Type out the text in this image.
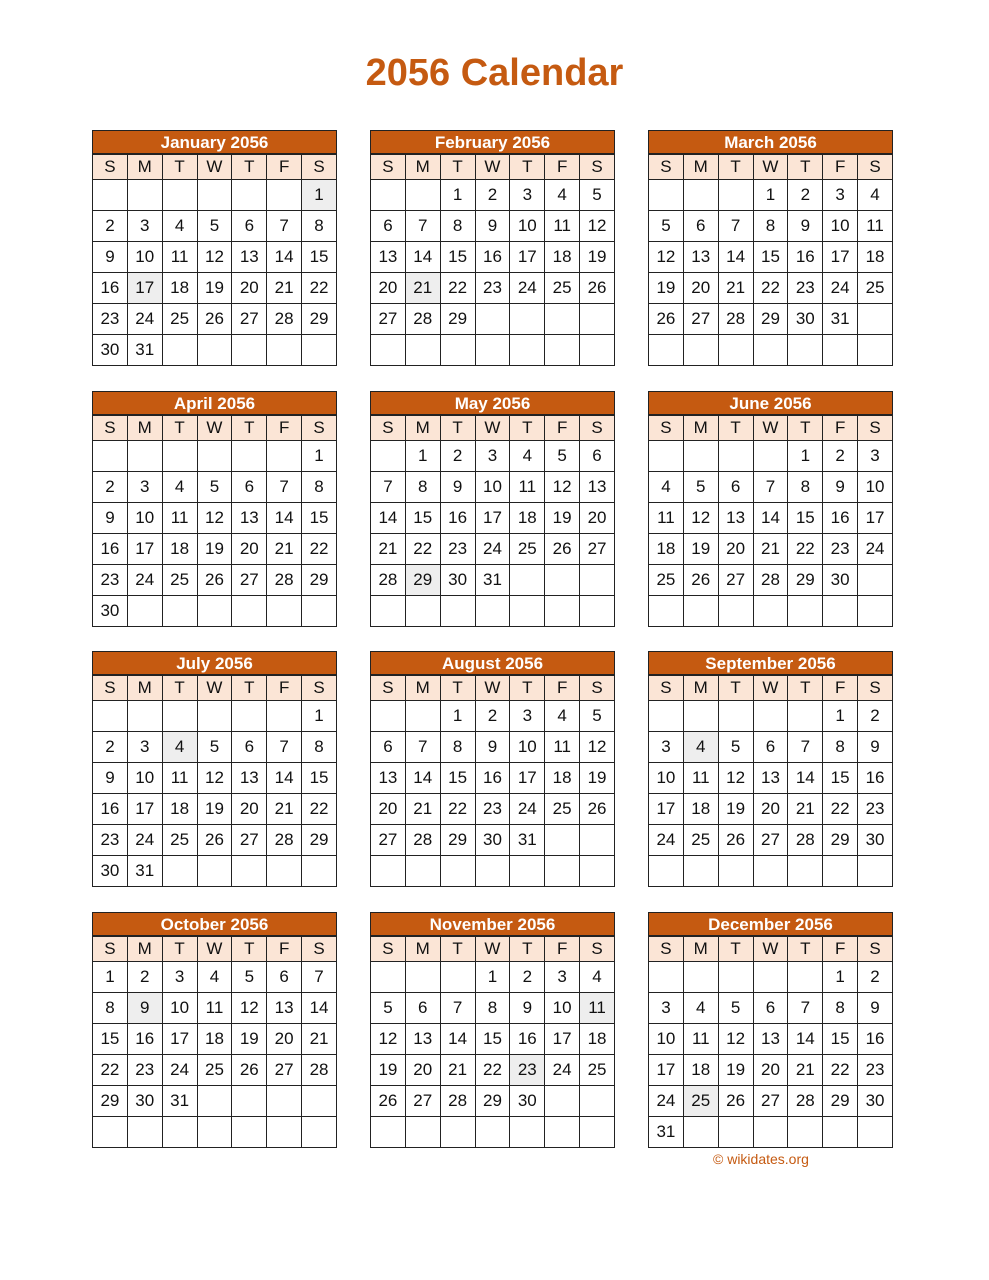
2056 Calendar
January 2056
S	M	T	W	T	F	S
						1
2	3	4	5	6	7	8
9	10	11	12	13	14	15
16	17	18	19	20	21	22
23	24	25	26	27	28	29
30	31					
February 2056
S	M	T	W	T	F	S
		1	2	3	4	5
6	7	8	9	10	11	12
13	14	15	16	17	18	19
20	21	22	23	24	25	26
27	28	29				

March 2056
S	M	T	W	T	F	S
			1	2	3	4
5	6	7	8	9	10	11
12	13	14	15	16	17	18
19	20	21	22	23	24	25
26	27	28	29	30	31	

April 2056
S	M	T	W	T	F	S
						1
2	3	4	5	6	7	8
9	10	11	12	13	14	15
16	17	18	19	20	21	22
23	24	25	26	27	28	29
30						
May 2056
S	M	T	W	T	F	S
	1	2	3	4	5	6
7	8	9	10	11	12	13
14	15	16	17	18	19	20
21	22	23	24	25	26	27
28	29	30	31			

June 2056
S	M	T	W	T	F	S
				1	2	3
4	5	6	7	8	9	10
11	12	13	14	15	16	17
18	19	20	21	22	23	24
25	26	27	28	29	30	

July 2056
S	M	T	W	T	F	S
						1
2	3	4	5	6	7	8
9	10	11	12	13	14	15
16	17	18	19	20	21	22
23	24	25	26	27	28	29
30	31					
August 2056
S	M	T	W	T	F	S
		1	2	3	4	5
6	7	8	9	10	11	12
13	14	15	16	17	18	19
20	21	22	23	24	25	26
27	28	29	30	31		

September 2056
S	M	T	W	T	F	S
					1	2
3	4	5	6	7	8	9
10	11	12	13	14	15	16
17	18	19	20	21	22	23
24	25	26	27	28	29	30

October 2056
S	M	T	W	T	F	S
1	2	3	4	5	6	7
8	9	10	11	12	13	14
15	16	17	18	19	20	21
22	23	24	25	26	27	28
29	30	31				

November 2056
S	M	T	W	T	F	S
			1	2	3	4
5	6	7	8	9	10	11
12	13	14	15	16	17	18
19	20	21	22	23	24	25
26	27	28	29	30		

December 2056
S	M	T	W	T	F	S
					1	2
3	4	5	6	7	8	9
10	11	12	13	14	15	16
17	18	19	20	21	22	23
24	25	26	27	28	29	30
31						
© wikidates.org
